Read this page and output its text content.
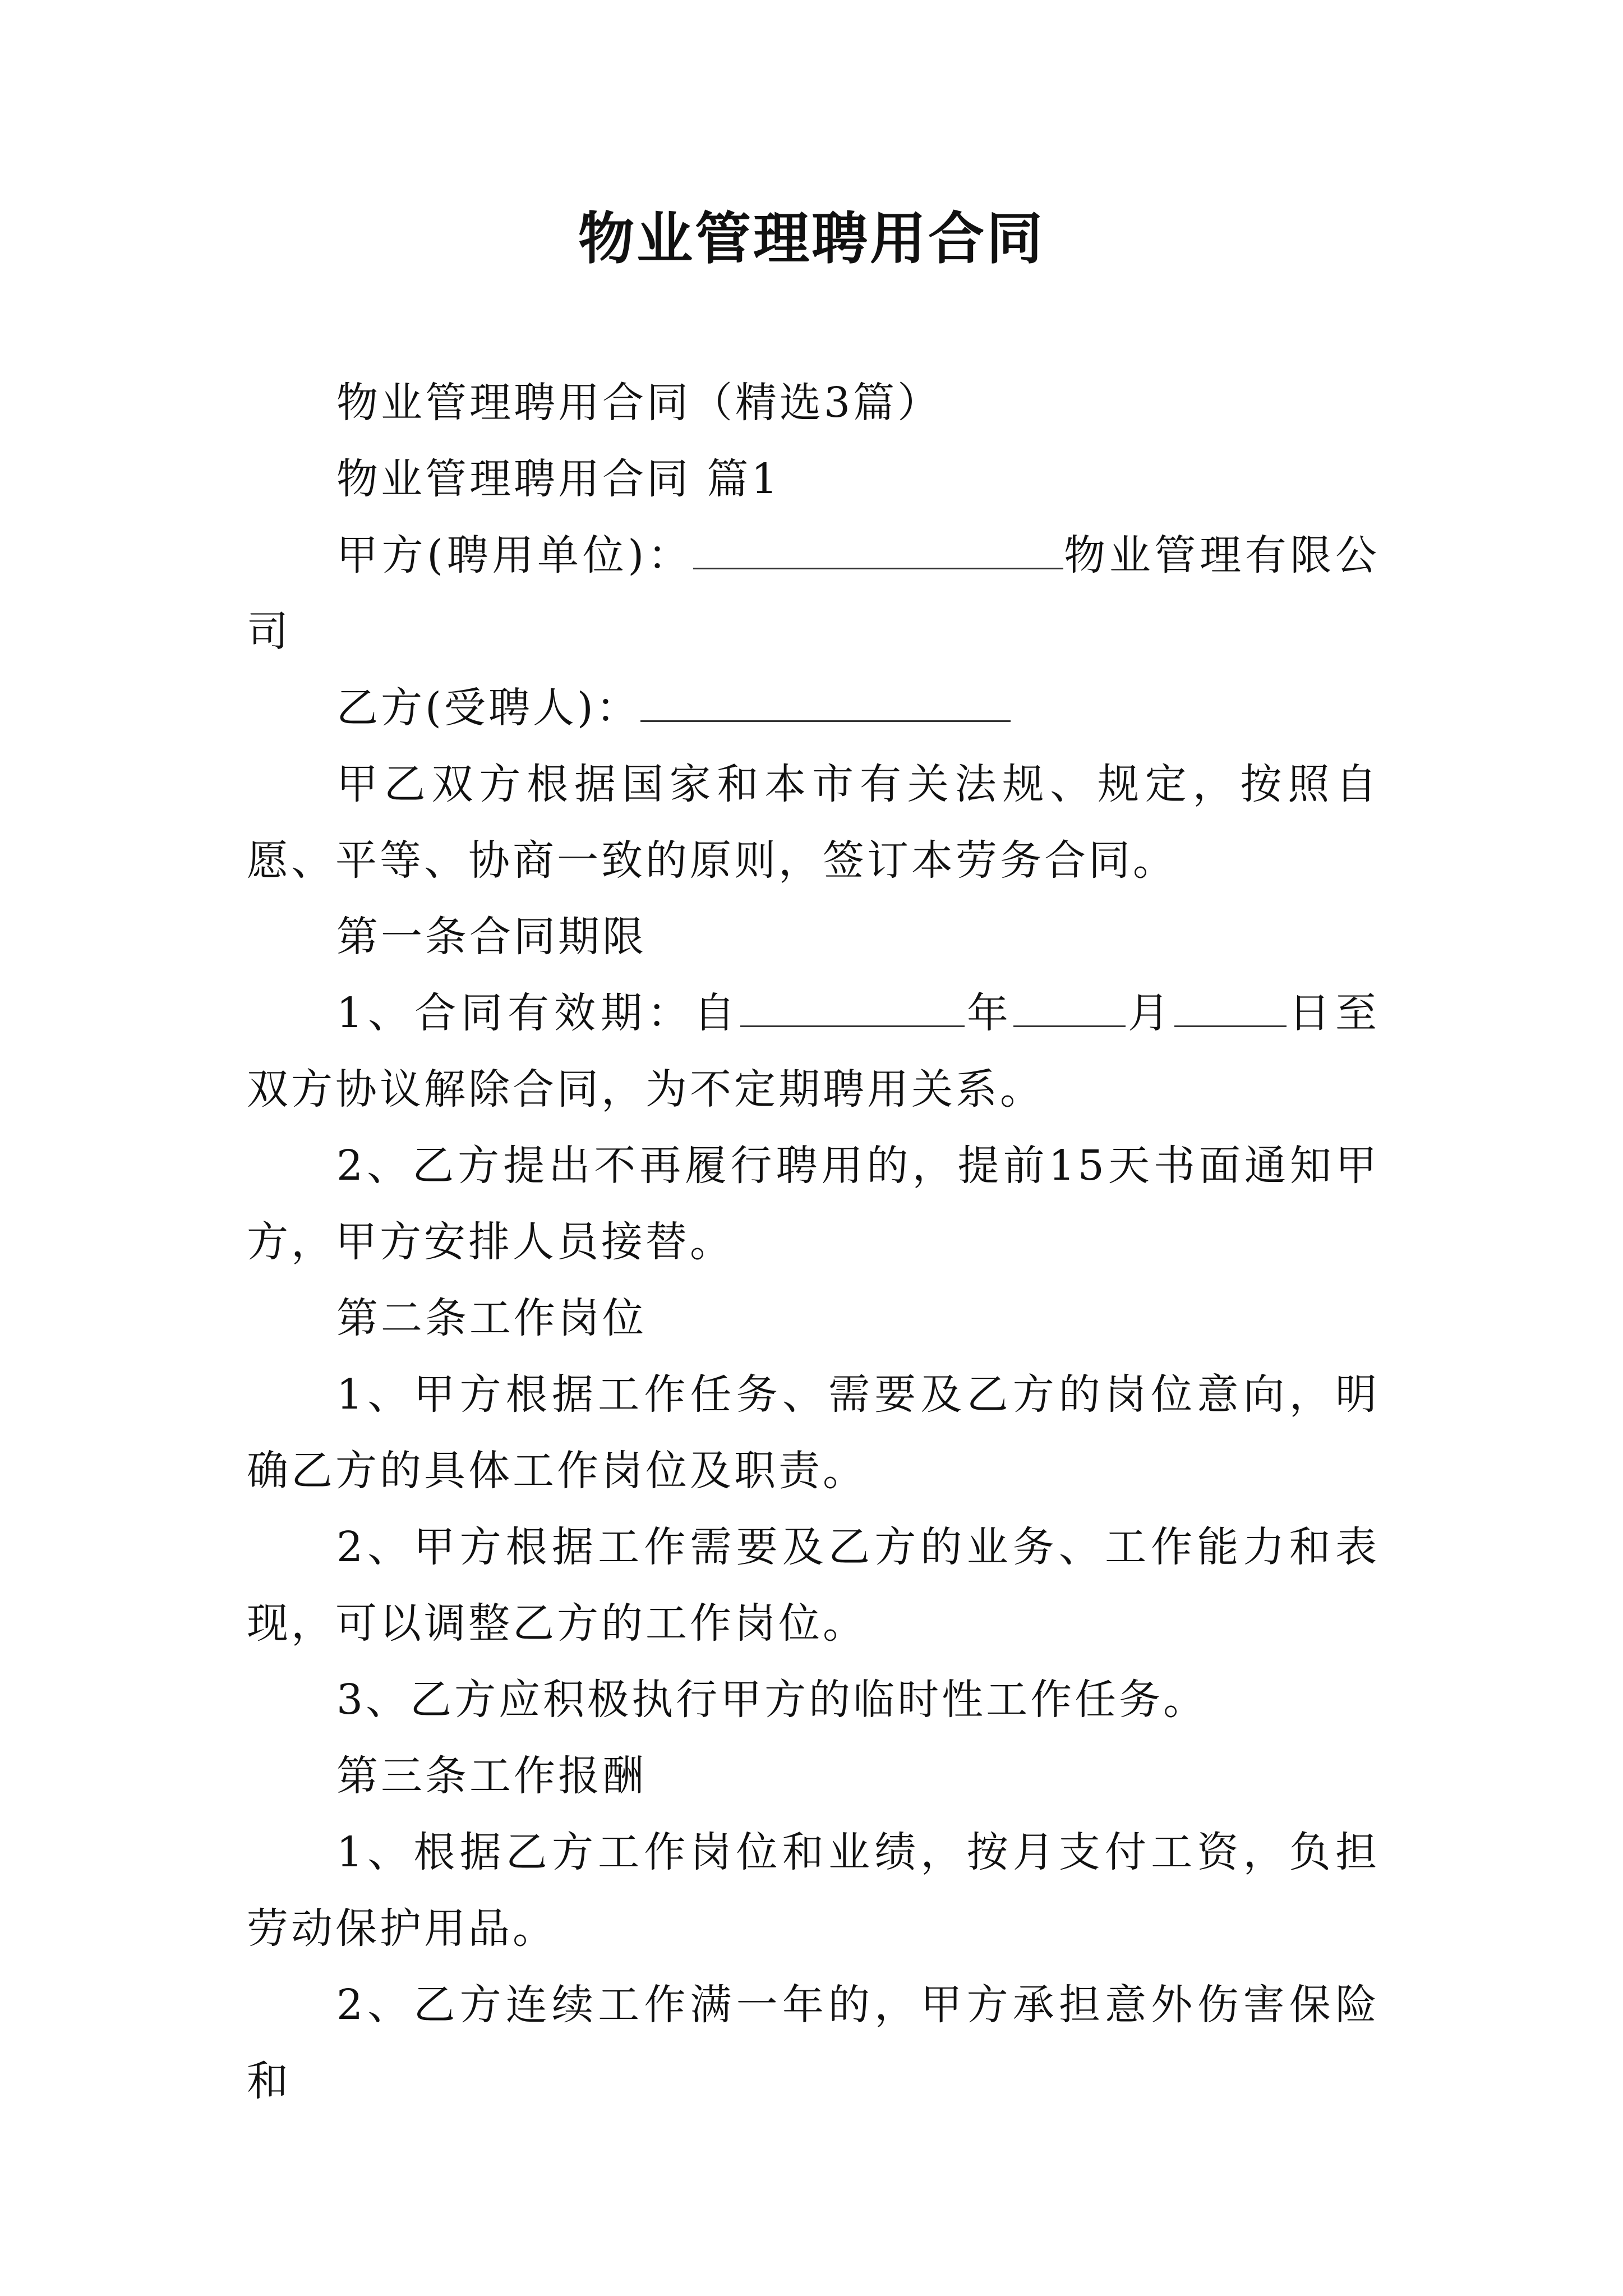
物业管理聘用合同

物业管理聘用合同（精选3篇）

物业管理聘用合同 篇1

甲方(聘用单位)：	物业管理有限公司

乙方(受聘人)：

甲乙双方根据国家和本市有关法规、规定，按照自愿、平等、协商一致的原则，签订本劳务合同。

第一条合同期限

1、合同有效期：自	年	月	日至双方协议解除合同，为不定期聘用关系。

2、乙方提出不再履行聘用的，提前15天书面通知甲方，甲方安排人员接替。

第二条工作岗位

1、甲方根据工作任务、需要及乙方的岗位意向，明确乙方的具体工作岗位及职责。

2、甲方根据工作需要及乙方的业务、工作能力和表现，可以调整乙方的工作岗位。

3、乙方应积极执行甲方的临时性工作任务。

第三条工作报酬

1、根据乙方工作岗位和业绩，按月支付工资，负担劳动保护用品。

2、乙方连续工作满一年的，甲方承担意外伤害保险和
